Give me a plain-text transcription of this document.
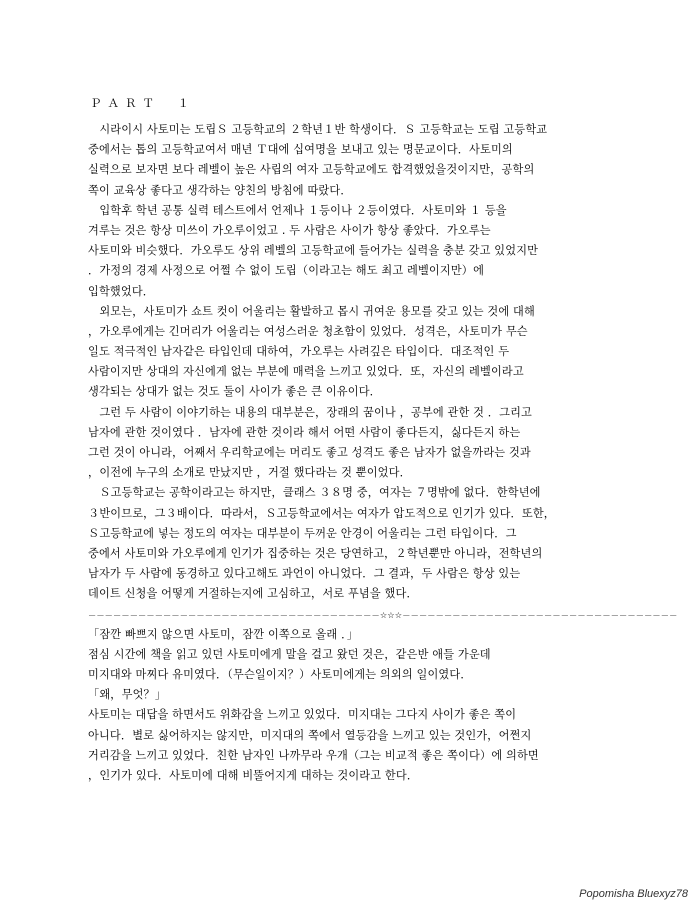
ＰＡＲＴ　１
　시라이시 사토미는 도립Ｓ 고등학교의 ２학년１반 학생이다．Ｓ 고등학교는 도립 고등학교
중에서는 톱의 고등학교여서 매년 Ｔ대에 십여명을 보내고 있는 명문교이다．사토미의
실력으로 보자면 보다 레벨이 높은 사립의 여자 고등학교에도 합격했었을것이지만，공학의
쪽이 교육상 좋다고 생각하는 양친의 방침에 따랐다．
　입학후 학년 공통 실력 테스트에서 언제나 １등이나 ２등이였다．사토미와 １ 등을
겨루는 것은 항상 미쓰이 가오루이었고 . 두 사람은 사이가 항상 좋았다．가오루는
사토미와 비슷했다．가오루도 상위 레벨의 고등학교에 들어가는 실력을 충분 갖고 있었지만
．가정의 경제 사정으로 어쩔 수 없이 도립（이라고는 해도 최고 레벨이지만）에
입학했었다．
　외모는，사토미가 쇼트 컷이 어울리는 활발하고 몹시 귀여운 용모를 갖고 있는 것에 대해
，가오루에게는 긴머리가 어울리는 여성스러운 청초함이 있었다．성격은，사토미가 무슨
일도 적극적인 남자같은 타입인데 대하여，가오루는 사려깊은 타입이다．대조적인 두
사람이지만 상대의 자신에게 없는 부분에 매력을 느끼고 있었다．또，자신의 레벨이라고
생각되는 상대가 없는 것도 둘이 사이가 좋은 큰 이유이다．
　그런 두 사람이 이야기하는 내용의 대부분은，장래의 꿈이나 ，공부에 관한 것 ．그리고
남자에 관한 것이였다 ．남자에 관한 것이라 해서 어떤 사람이 좋다든지，싫다든지 하는
그런 것이 아니라，어째서 우리학교에는 머리도 좋고 성격도 좋은 남자가 없을까라는 것과
，이전에 누구의 소개로 만났지만 ，거절 했다라는 것 뿐이었다．
　Ｓ고등학교는 공학이라고는 하지만，클래스 ３８명 중，여자는 ７명밖에 없다．한학년에
３반이므로，그３배이다．따라서，Ｓ고등학교에서는 여자가 압도적으로 인기가 있다．또한，
Ｓ고등학교에 넣는 정도의 여자는 대부분이 두꺼운 안경이 어울리는 그런 타입이다．그
중에서 사토미와 가오루에게 인기가 집중하는 것은 당연하고，２학년뿐만 아니라，전학년의
남자가 두 사람에 동경하고 있다고해도 과언이 아니었다．그 결과，두 사람은 항상 있는
데이트 신청을 어떻게 거절하는지에 고심하고，서로 푸념을 했다．
－－－－－－－－－－－－－－－－－－－－－－－－－－－－－－－－－－－☆☆☆－－－－－－－－－－－－－－－－－－－－－－－－－－－－－－－－－
「잠깐 빠쁘지 않으면 사토미，잠깐 이쪽으로 올래 ．」
점심 시간에 책을 읽고 있던 사토미에게 말을 걸고 왔던 것은，같은반 애들 가운데
미지대와 마찌다 유미였다．（무슨일이지？）사토미에게는 의외의 일이였다．
「왜，무엇？」
사토미는 대답을 하면서도 위화감을 느끼고 있었다．미지대는 그다지 사이가 좋은 쪽이
아니다．별로 싫어하지는 않지만，미지대의 쪽에서 열등감을 느끼고 있는 것인가，어쩐지
거리감을 느끼고 있었다．친한 남자인 나까무라 우개（그는 비교적 좋은 쪽이다）에 의하면
，인기가 있다．사토미에 대해 비뚤어지게 대하는 것이라고 한다．
Popomisha Bluexyz78
